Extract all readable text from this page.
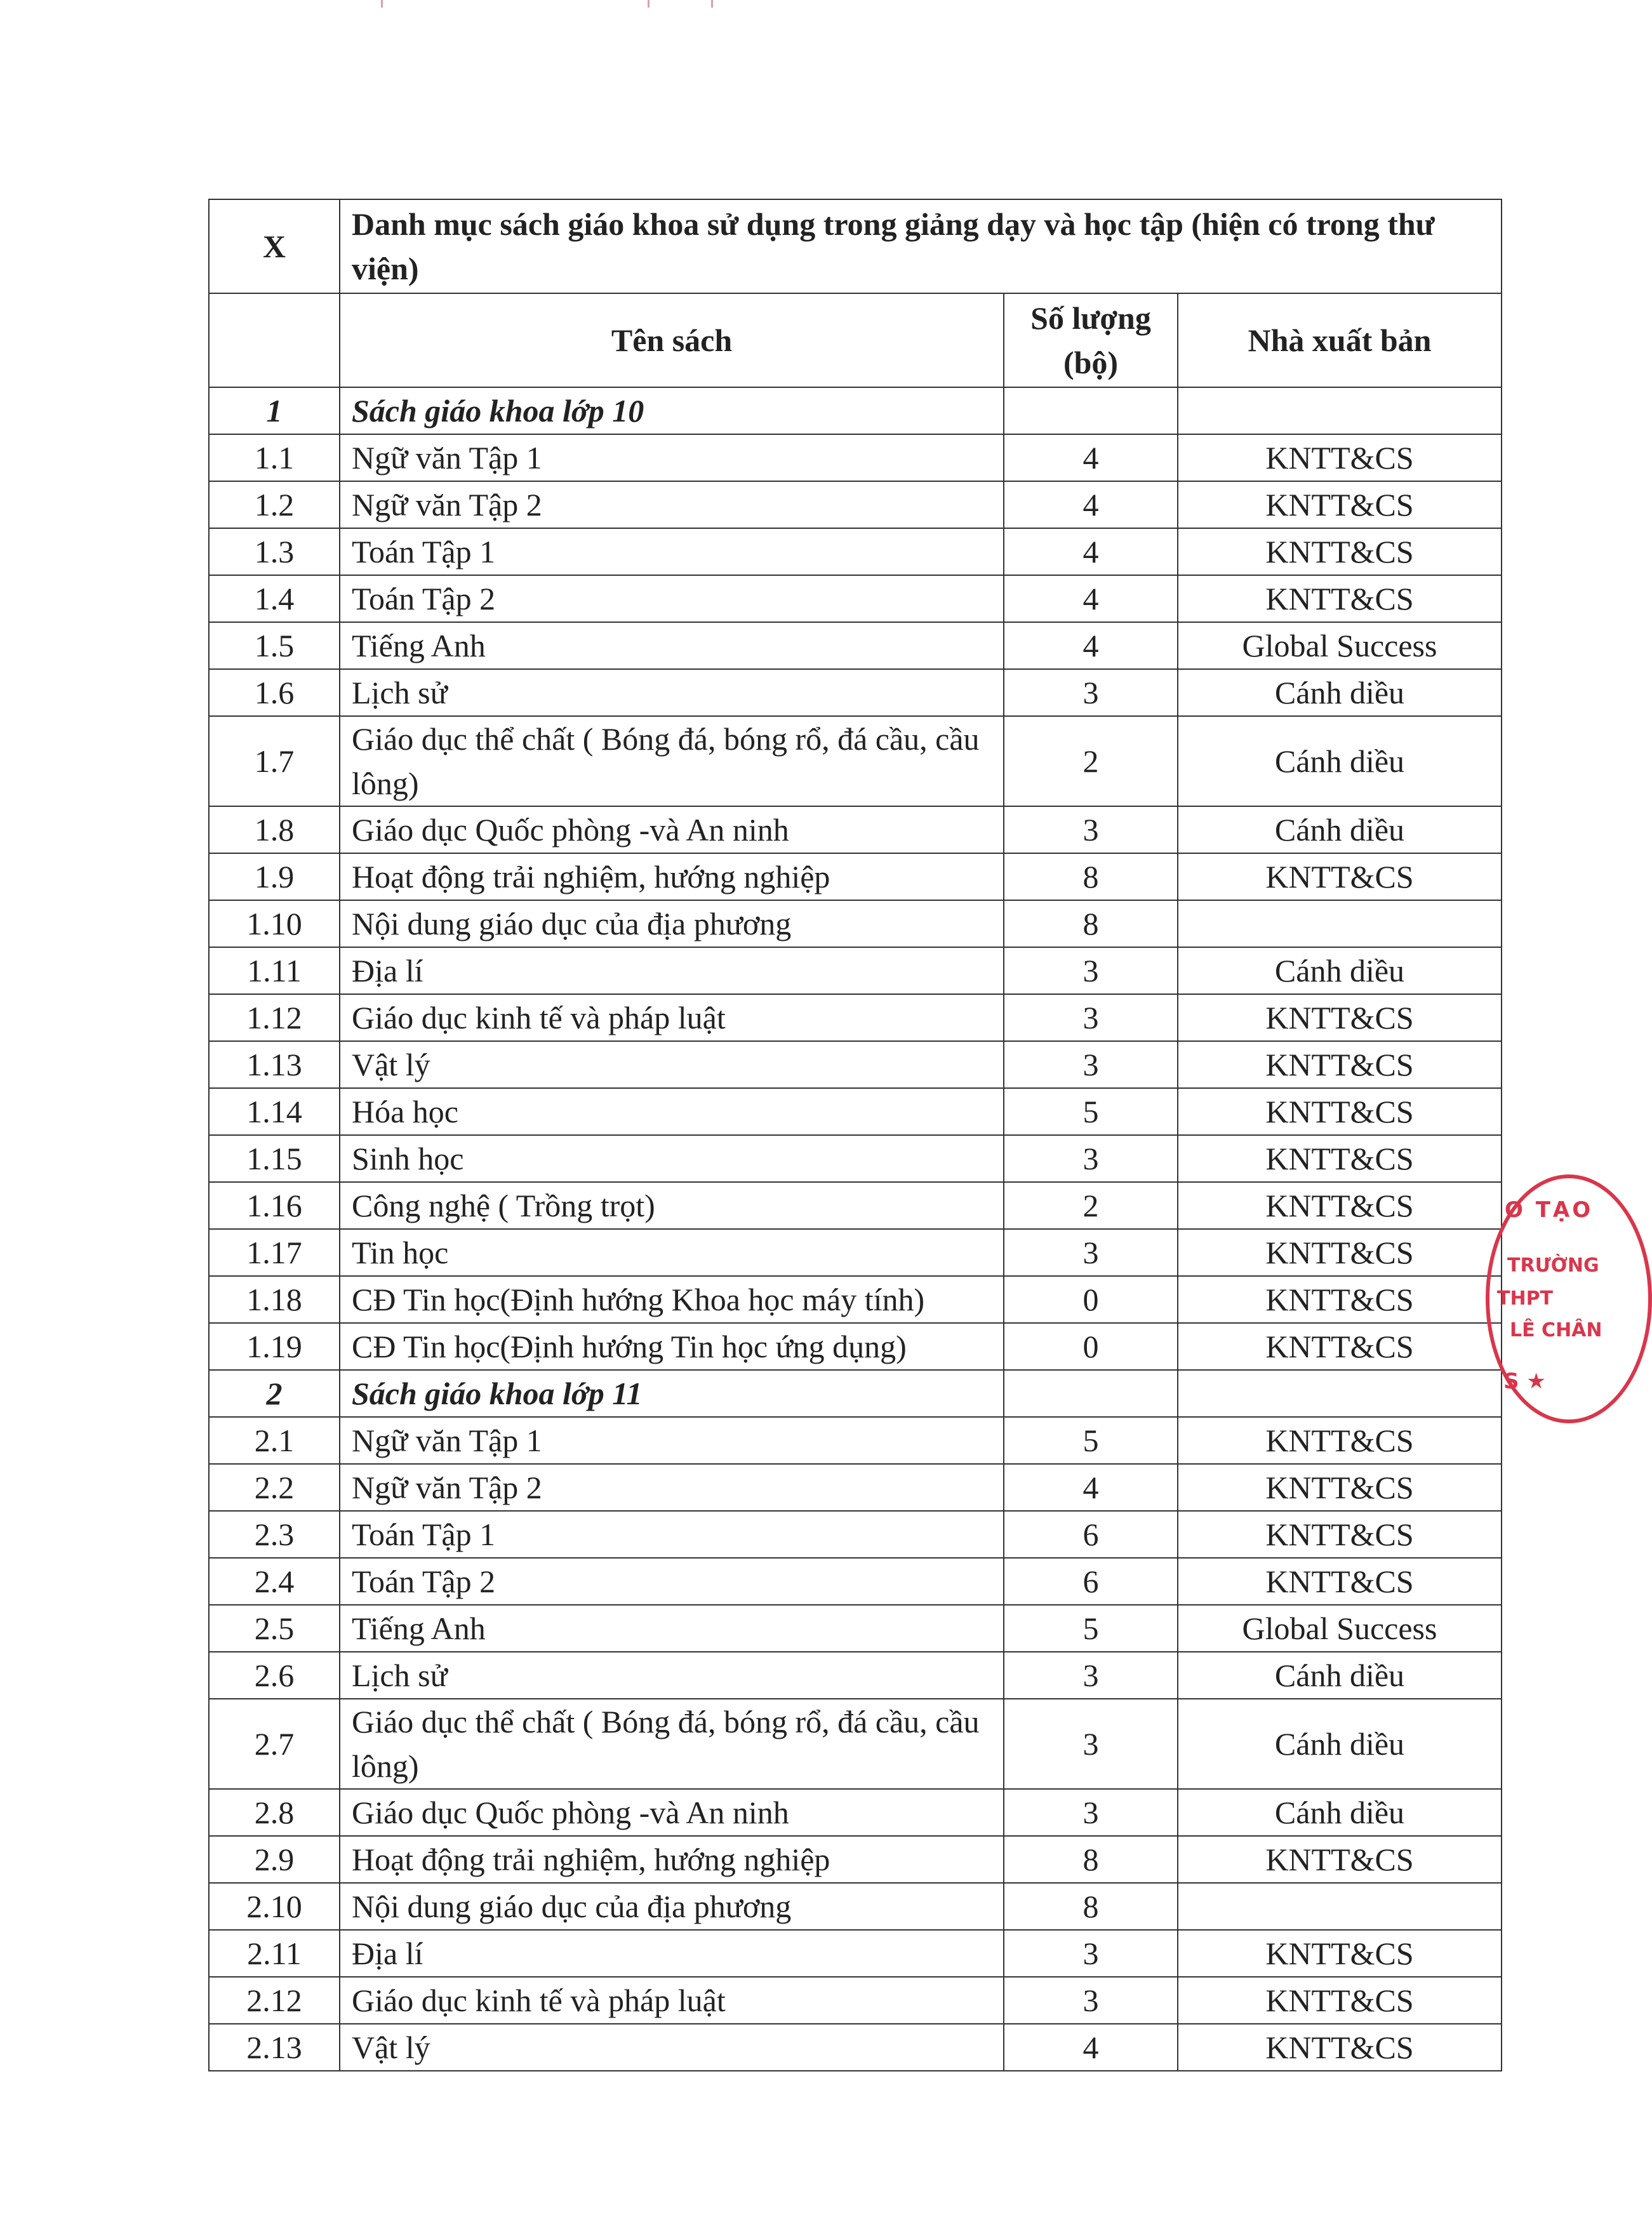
X	Danh mục sách giáo khoa sử dụng trong giảng dạy và học tập (hiện có trong thư viện)		
	Tên sách	Số lượng (bộ)	Nhà xuất bản
1	Sách giáo khoa lớp 10		
1.1	Ngữ văn Tập 1	4	KNTT&CS
1.2	Ngữ văn Tập 2	4	KNTT&CS
1.3	Toán Tập 1	4	KNTT&CS
1.4	Toán Tập 2	4	KNTT&CS
1.5	Tiếng Anh	4	Global Success
1.6	Lịch sử	3	Cánh diều
1.7	Giáo dục thể chất ( Bóng đá, bóng rổ, đá cầu, cầu lông)	2	Cánh diều
1.8	Giáo dục Quốc phòng -và An ninh	3	Cánh diều
1.9	Hoạt động trải nghiệm, hướng nghiệp	8	KNTT&CS
1.10	Nội dung giáo dục của địa phương	8	
1.11	Địa lí	3	Cánh diều
1.12	Giáo dục kinh tế và pháp luật	3	KNTT&CS
1.13	Vật lý	3	KNTT&CS
1.14	Hóa học	5	KNTT&CS
1.15	Sinh học	3	KNTT&CS
1.16	Công nghệ ( Trồng trọt)	2	KNTT&CS
1.17	Tin học	3	KNTT&CS
1.18	CĐ Tin học(Định hướng Khoa học máy tính)	0	KNTT&CS
1.19	CĐ Tin học(Định hướng Tin học ứng dụng)	0	KNTT&CS
2	Sách giáo khoa lớp 11		
2.1	Ngữ văn Tập 1	5	KNTT&CS
2.2	Ngữ văn Tập 2	4	KNTT&CS
2.3	Toán Tập 1	6	KNTT&CS
2.4	Toán Tập 2	6	KNTT&CS
2.5	Tiếng Anh	5	Global Success
2.6	Lịch sử	3	Cánh diều
2.7	Giáo dục thể chất ( Bóng đá, bóng rổ, đá cầu, cầu lông)	3	Cánh diều
2.8	Giáo dục Quốc phòng -và An ninh	3	Cánh diều
2.9	Hoạt động trải nghiệm, hướng nghiệp	8	KNTT&CS
2.10	Nội dung giáo dục của địa phương	8	
2.11	Địa lí	3	KNTT&CS
2.12	Giáo dục kinh tế và pháp luật	3	KNTT&CS
2.13	Vật lý	4	KNTT&CS
O TẠO
TRƯỜNG
THPT
LÊ CHÂN
S ★
